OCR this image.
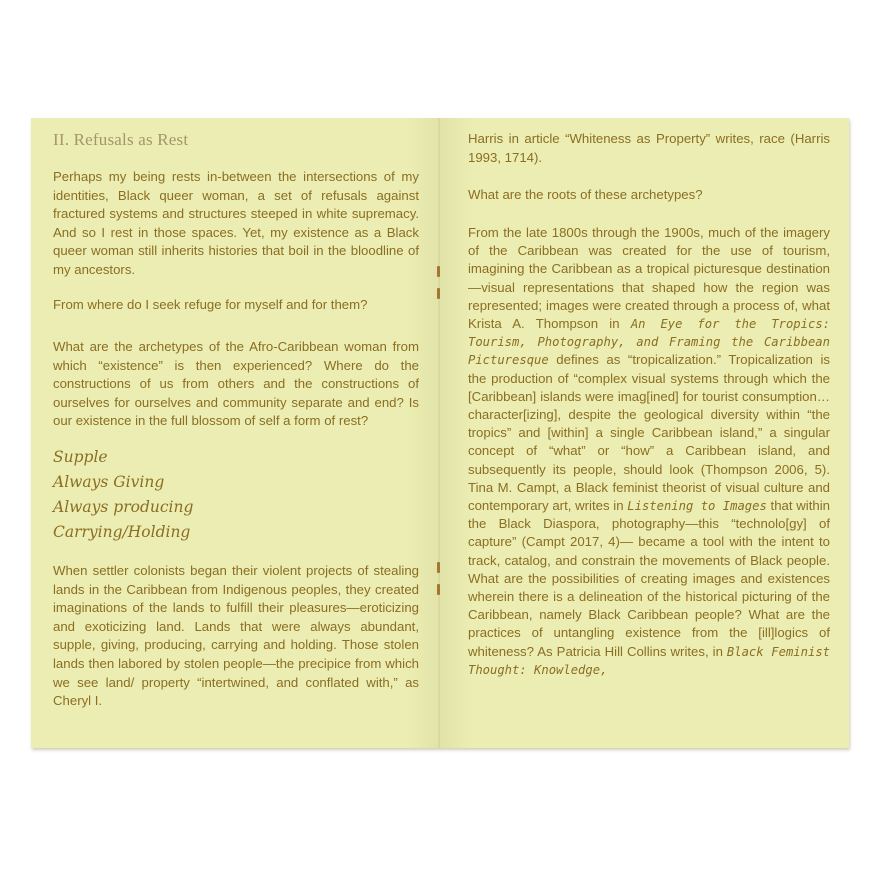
II. Refusals as Rest

Perhaps my being rests in-between the intersections of my identities, Black queer woman, a set of refusals against fractured systems and structures steeped in white supremacy. And so I rest in those spaces. Yet, my existence as a Black queer woman still inherits histories that boil in the bloodline of my ancestors.

From where do I seek refuge for myself and for them?

What are the archetypes of the Afro-Caribbean woman from which “existence” is then experienced? Where do the constructions of us from others and the constructions of ourselves for ourselves and community separate and end? Is our existence in the full blossom of self a form of rest?

Supple
Always Giving
Always producing
Carrying/Holding

When settler colonists began their violent projects of stealing lands in the Caribbean from Indigenous peoples, they created imaginations of the lands to fulfill their pleasures—eroticizing and exoticizing land. Lands that were always abundant, supple, giving, producing, carrying and holding. Those stolen lands then labored by stolen people—the precipice from which we see land/ property “intertwined, and conflated with,” as Cheryl I.

Harris in article “Whiteness as Property” writes, race (Harris 1993, 1714).

What are the roots of these archetypes?

From the late 1800s through the 1900s, much of the imagery of the Caribbean was created for the use of tourism, imagining the Caribbean as a tropical picturesque destination—visual representations that shaped how the region was represented; images were created through a process of, what Krista A. Thompson in An Eye for the Tropics: Tourism, Photography, and Framing the Caribbean Picturesque defines as “tropicalization.” Tropicalization is the production of “complex visual systems through which the [Caribbean] islands were imag[ined] for tourist consumption…character[izing], despite the geological diversity within “the tropics” and [within] a single Caribbean island,” a singular concept of “what” or “how” a Caribbean island, and subsequently its people, should look (Thompson 2006, 5). Tina M. Campt, a Black feminist theorist of visual culture and contemporary art, writes in Listening to Images that within the Black Diaspora, photography—this “technolo[gy] of capture” (Campt 2017, 4)— became a tool with the intent to track, catalog, and constrain the movements of Black people. What are the possibilities of creating images and existences wherein there is a delineation of the historical picturing of the Caribbean, namely Black Caribbean people? What are the practices of untangling existence from the [ill]logics of whiteness? As Patricia Hill Collins writes, in Black Feminist Thought: Knowledge,
